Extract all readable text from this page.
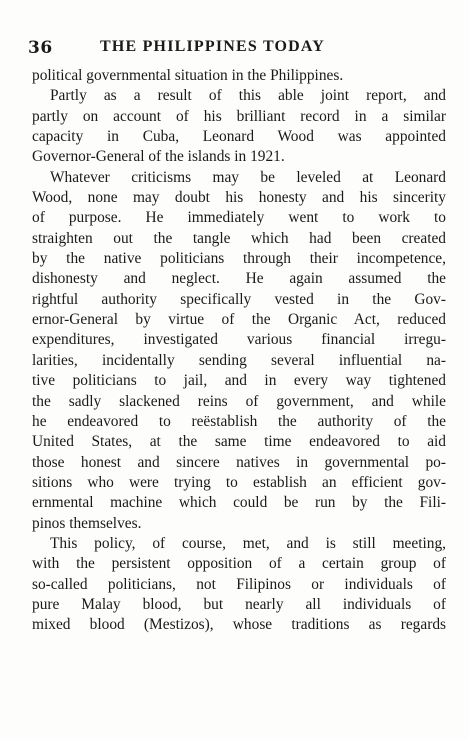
36	THE PHILIPPINES TODAY

political governmental situation in the Philippines.

Partly as a result of this able joint report, and
partly on account of his brilliant record in a similar
capacity in Cuba, Leonard Wood was appointed
Governor-General of the islands in 1921.

Whatever criticisms may be leveled at Leonard
Wood, none may doubt his honesty and his sincerity
of purpose. He immediately went to work to
straighten out the tangle which had been created
by the native politicians through their incompetence,
dishonesty and neglect. He again assumed the
rightful authority specifically vested in the Gov-
ernor-General by virtue of the Organic Act, reduced
expenditures, investigated various financial irregu-
larities, incidentally sending several influential na-
tive politicians to jail, and in every way tightened
the sadly slackened reins of government, and while
he endeavored to reëstablish the authority of the
United States, at the same time endeavored to aid
those honest and sincere natives in governmental po-
sitions who were trying to establish an efficient gov-
ernmental machine which could be run by the Fili-
pinos themselves.

This policy, of course, met, and is still meeting,
with the persistent opposition of a certain group of
so-called politicians, not Filipinos or individuals of
pure Malay blood, but nearly all individuals of
mixed blood (Mestizos), whose traditions as regards
